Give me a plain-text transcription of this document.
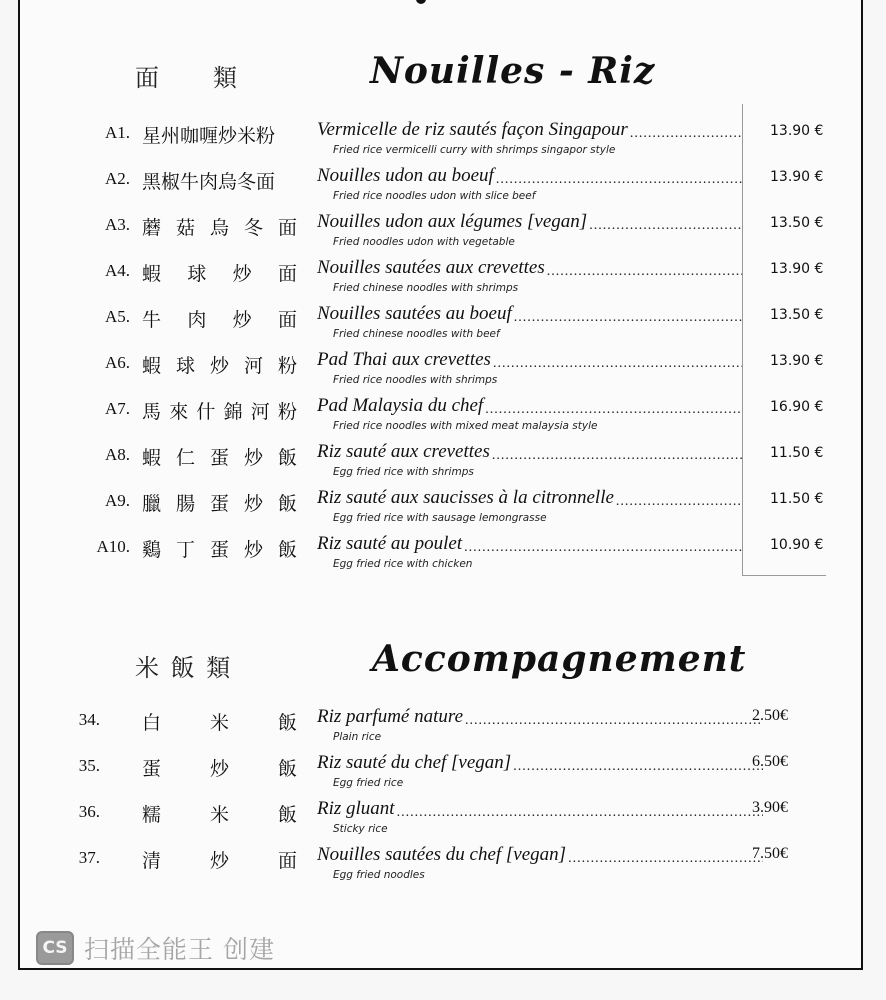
面　　類	Nouilles - Riz
A1. 星州咖喱炒米粉 Vermicelle de riz sautés façon Singapour
.....
Fried rice vermicelli curry with shrimps singapor style
13.90 €
A2. 黑椒牛肉烏冬面 Nouilles udon au boeuf
.....
Fried rice noodles udon with slice beef
13.90 €
A3. 蘑 菇 烏 冬 面 Nouilles udon aux légumes [vegan]
.....
Fried noodles udon with vegetable
13.50 €
A4. 蝦 球 炒 面 Nouilles sautées aux crevettes
.....
Fried chinese noodles with shrimps
13.90 €
A5. 牛 肉 炒 面 Nouilles sautées au boeuf
.....
Fried chinese noodles with beef
13.50 €
A6. 蝦 球 炒 河 粉 Pad Thai aux crevettes
.....
Fried rice noodles with shrimps
13.90 €
A7. 馬 來 什 錦 河 粉 Pad Malaysia du chef
.....
Fried rice noodles with mixed meat malaysia style
16.90 €
A8. 蝦 仁 蛋 炒 飯 Riz sauté aux crevettes
.....
Egg fried rice with shrimps
11.50 €
A9. 臘 腸 蛋 炒 飯 Riz sauté aux saucisses à la citronnelle
.....
Egg fried rice with sausage lemongrasse
11.50 €
A10. 鷄 丁 蛋 炒 飯 Riz sauté au poulet
.....
Egg fried rice with chicken
10.90 €
米 飯 類	Accompagnement
34. 白	米	飯 Riz parfumé nature
.....
Plain rice
2.50€
35. 蛋	炒	飯 Riz sauté du chef [vegan]
.....
Egg fried rice
6.50€
36. 糯	米	飯 Riz gluant
.....
Sticky rice
3.90€
37. 清	炒	面 Nouilles sautées du chef [vegan]
.....
Egg fried noodles
7.50€
CS 扫描全能王 创建
